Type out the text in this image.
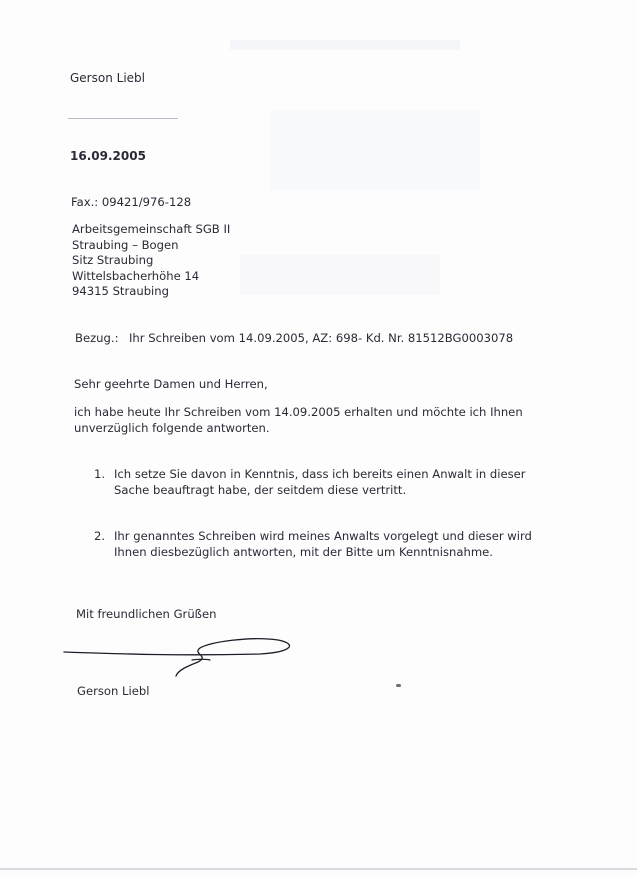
Gerson Liebl
16.09.2005
Fax.: 09421/976-128
Arbeitsgemeinschaft SGB II
Straubing – Bogen
Sitz Straubing
Wittelsbacherhöhe 14
94315 Straubing
Bezug.: Ihr Schreiben vom 14.09.2005, AZ: 698- Kd. Nr. 81512BG0003078
Sehr geehrte Damen und Herren,
ich habe heute Ihr Schreiben vom 14.09.2005 erhalten und möchte ich Ihnen
unverzüglich folgende antworten.
1. Ich setze Sie davon in Kenntnis, dass ich bereits einen Anwalt in dieser
Sache beauftragt habe, der seitdem diese vertritt.
2. Ihr genanntes Schreiben wird meines Anwalts vorgelegt und dieser wird
Ihnen diesbezüglich antworten, mit der Bitte um Kenntnisnahme.
Mit freundlichen Grüßen
Gerson Liebl
